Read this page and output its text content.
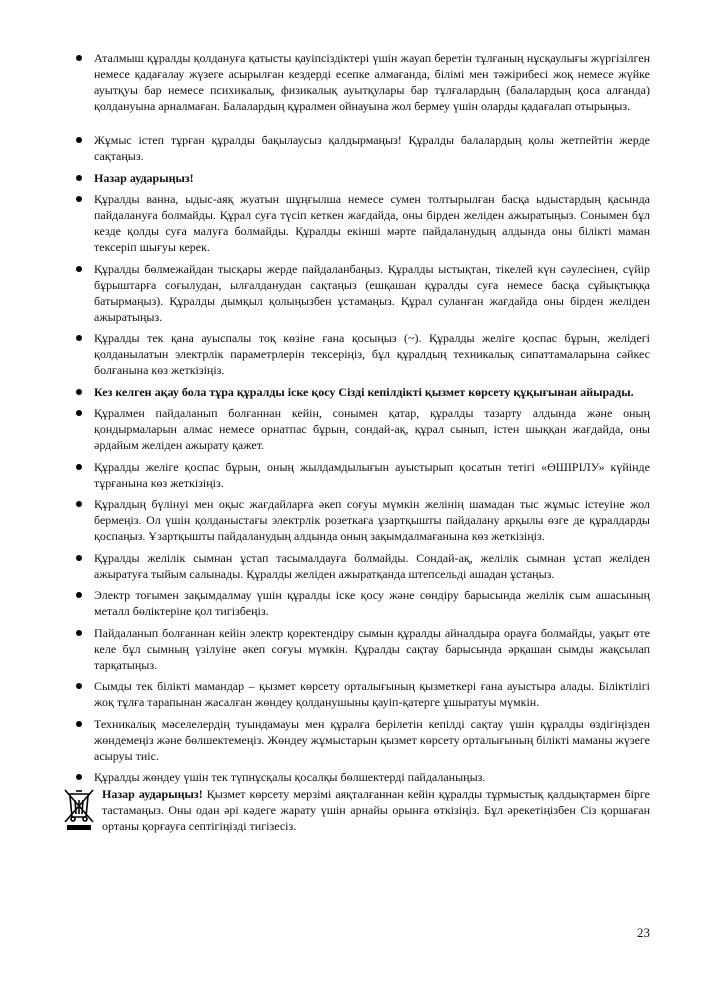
Аталмыш құралды қолдануға қатысты қауіпсіздіктері үшін жауап беретін тұлғаның нұсқаулығы жүргізілген немесе қадағалау жүзеге асырылған кездерді есепке алмағанда, білімі мен тәжірибесі жоқ немесе жүйке ауытқуы бар немесе психикалық, физикалық ауытқулары бар тұлғалардың (балалардың қоса алғанда) қолдануына арналмаған. Балалардың құралмен ойнауына жол бермеу үшін оларды қадағалап отырыңыз.
Жұмыс істеп тұрған құралды бақылаусыз қалдырмаңыз! Құралды балалардың қолы жетпейтін жерде сақтаңыз.
Назар аударыңыз!
Құралды ванна, ыдыс-аяқ жуатын шұңғылша немесе сумен толтырылған басқа ыдыстардың қасында пайдалануға болмайды. Құрал суға түсіп кеткен жағдайда, оны бірден желіден ажыратыңыз. Сонымен бұл кезде қолды суға малуға болмайды. Құралды екінші мәрте пайдаланудың алдында оны білікті маман тексеріп шығуы керек.
Құралды бөлмежайдан тысқары жерде пайдаланбаңыз. Құралды ыстықтан, тікелей күн сәулесінен, сүйір бұрыштарға соғылудан, ылғалданудан сақтаңыз (ешқашан құралды суға немесе басқа сұйықтыққа батырмаңыз). Құралды дымқыл қолыңызбен ұстамаңыз. Құрал суланған жағдайда оны бірден желіден ажыратыңыз.
Құралды тек қана ауыспалы тоқ көзіне ғана қосыңыз (~). Құралды желіге қоспас бұрын, желідегі қолданылатын электрлік параметрлерін тексеріңіз, бұл құралдың техникалық сипаттамаларына сәйкес болғанына көз жеткізіңіз.
Кез келген ақау бола тұра құралды іске қосу Сізді кепілдікті қызмет көрсету құқығынан айырады.
Құралмен пайдаланып болғаннан кейін, сонымен қатар, құралды тазарту алдында және оның қондырмаларын алмас немесе орнатпас бұрын, сондай-ақ, құрал сынып, істен шыққан жағдайда, оны әрдайым желіден ажырату қажет.
Құралды желіге қоспас бұрын, оның жылдамдылығын ауыстырып қосатын тетігі «ӨШІРІЛУ» күйінде тұрғанына көз жеткізіңіз.
Құралдың бүлінуі мен оқыс жағдайларға әкеп соғуы мүмкін желінің шамадан тыс жұмыс істеуіне жол бермеңіз. Ол үшін қолданыстағы электрлік розеткаға ұзартқышты пайдалану арқылы өзге де құралдарды қоспаңыз. Ұзартқышты пайдаланудың алдында оның зақымдалмағанына көз жеткізіңіз.
Құралды желілік сымнан ұстап тасымалдауға болмайды. Сондай-ақ, желілік сымнан ұстап желіден ажыратуға тыйым салынады. Құралды желіден ажыратқанда штепсельді ашадан ұстаңыз.
Электр тоғымен зақымдалмау үшін құралды іске қосу және сөндіру барысында желілік сым ашасының металл бөліктеріне қол тигізбеңіз.
Пайдаланып болғаннан кейін электр қоректендіру сымын құралды айналдыра орауға болмайды, уақыт өте келе бұл сымның үзілуіне әкеп соғуы мүмкін. Құралды сақтау барысында әрқашан сымды жақсылап тарқатыңыз.
Сымды тек білікті мамандар – қызмет көрсету орталығының қызметкері ғана ауыстыра алады. Біліктілігі жоқ тұлға тарапынан жасалған жөндеу қолданушыны қауіп-қатерге ұшыратуы мүмкін.
Техникалық мәселелердің туындамауы мен құралға берілетін кепілді сақтау үшін құралды өздігіңізден жөндемеңіз және бөлшектемеңіз. Жөндеу жұмыстарын қызмет көрсету орталығының білікті маманы жүзеге асыруы тиіс.
Құралды жөндеу үшін тек түпнұсқалы қосалқы бөлшектерді пайдаланыңыз.
Назар аударыңыз! Қызмет көрсету мерзімі аяқталғаннан кейін құралды тұрмыстық қалдықтармен бірге тастамаңыз. Оны одан әрі кәдеге жарату үшін арнайы орынға өткізіңіз. Бұл әрекетіңізбен Сіз қоршаған ортаны қорғауға септігіңізді тигізесіз.
23
